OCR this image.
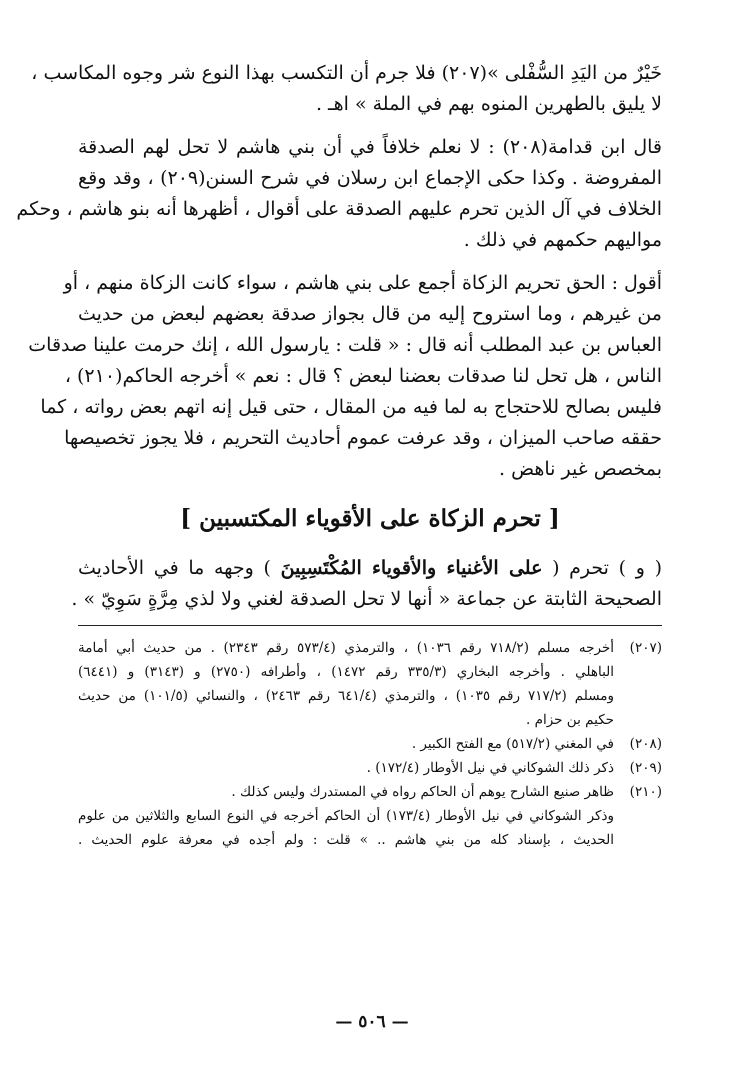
خَيْرٌ من اليَدِ السُّفْلى »(٢٠٧) فلا جرم أن التكسب بهذا النوع شر وجوه المكاسب ،
لا يليق بالطهرين المنوه بهم في الملة » اهـ .
قال ابن قدامة(٢٠٨) : لا نعلم خلافاً في أن بني هاشم لا تحل لهم الصدقة
المفروضة . وكذا حكى الإجماع ابن رسلان في شرح السنن(٢٠٩) ، وقد وقع
الخلاف في آل الذين تحرم عليهم الصدقة على أقوال ، أظهرها أنه بنو هاشم ، وحكم
مواليهم حكمهم في ذلك .
أقول : الحق تحريم الزكاة أجمع على بني هاشم ، سواء كانت الزكاة منهم ، أو
من غيرهم ، وما استروح إليه من قال بجواز صدقة بعضهم لبعض من حديث
العباس بن عبد المطلب أنه قال : « قلت : يارسول الله ، إنك حرمت علينا صدقات
الناس ، هل تحل لنا صدقات بعضنا لبعض ؟ قال : نعم » أخرجه الحاكم(٢١٠) ،
فليس بصالح للاحتجاج به لما فيه من المقال ، حتى قيل إنه اتهم بعض رواته ، كما
حققه صاحب الميزان ، وقد عرفت عموم أحاديث التحريم ، فلا يجوز تخصيصها
بمخصص غير ناهض .
[ تحرم الزكاة على الأقوياء المكتسبين ]
( و ) تحرم ( على الأغنياء والأقوياء المُكْتَسِبِينَ ) وجهه ما في الأحاديث
الصحيحة الثابتة عن جماعة « أنها لا تحل الصدقة لغني ولا لذي مِرَّةٍ سَوِيّ » .
(٢٠٧)
أخرجه مسلم (٧١٨/٢ رقم ١٠٣٦) ، والترمذي (٥٧٣/٤ رقم ٢٣٤٣) . من حديث أبي أمامة
الباهلي . وأخرجه البخاري (٣٣٥/٣ رقم ١٤٧٢) ، وأطرافه (٢٧٥٠) و (٣١٤٣) و (٦٤٤١)
ومسلم (٧١٧/٢ رقم ١٠٣٥) ، والترمذي (٦٤١/٤ رقم ٢٤٦٣) ، والنسائي (١٠١/٥) من حديث
حكيم بن حزام .
(٢٠٨)
في المغني (٥١٧/٢) مع الفتح الكبير .
(٢٠٩)
ذكر ذلك الشوكاني في نيل الأوطار (١٧٢/٤) .
(٢١٠)
ظاهر صنيع الشارح يوهم أن الحاكم رواه في المستدرك وليس كذلك .
وذكر الشوكاني في نيل الأوطار (١٧٣/٤) أن الحاكم أخرجه في النوع السابع والثلاثين من علوم
الحديث ، بإسناد كله من بني هاشم .. » قلت : ولم أجده في معرفة علوم الحديث .
— ٥٠٦ —
